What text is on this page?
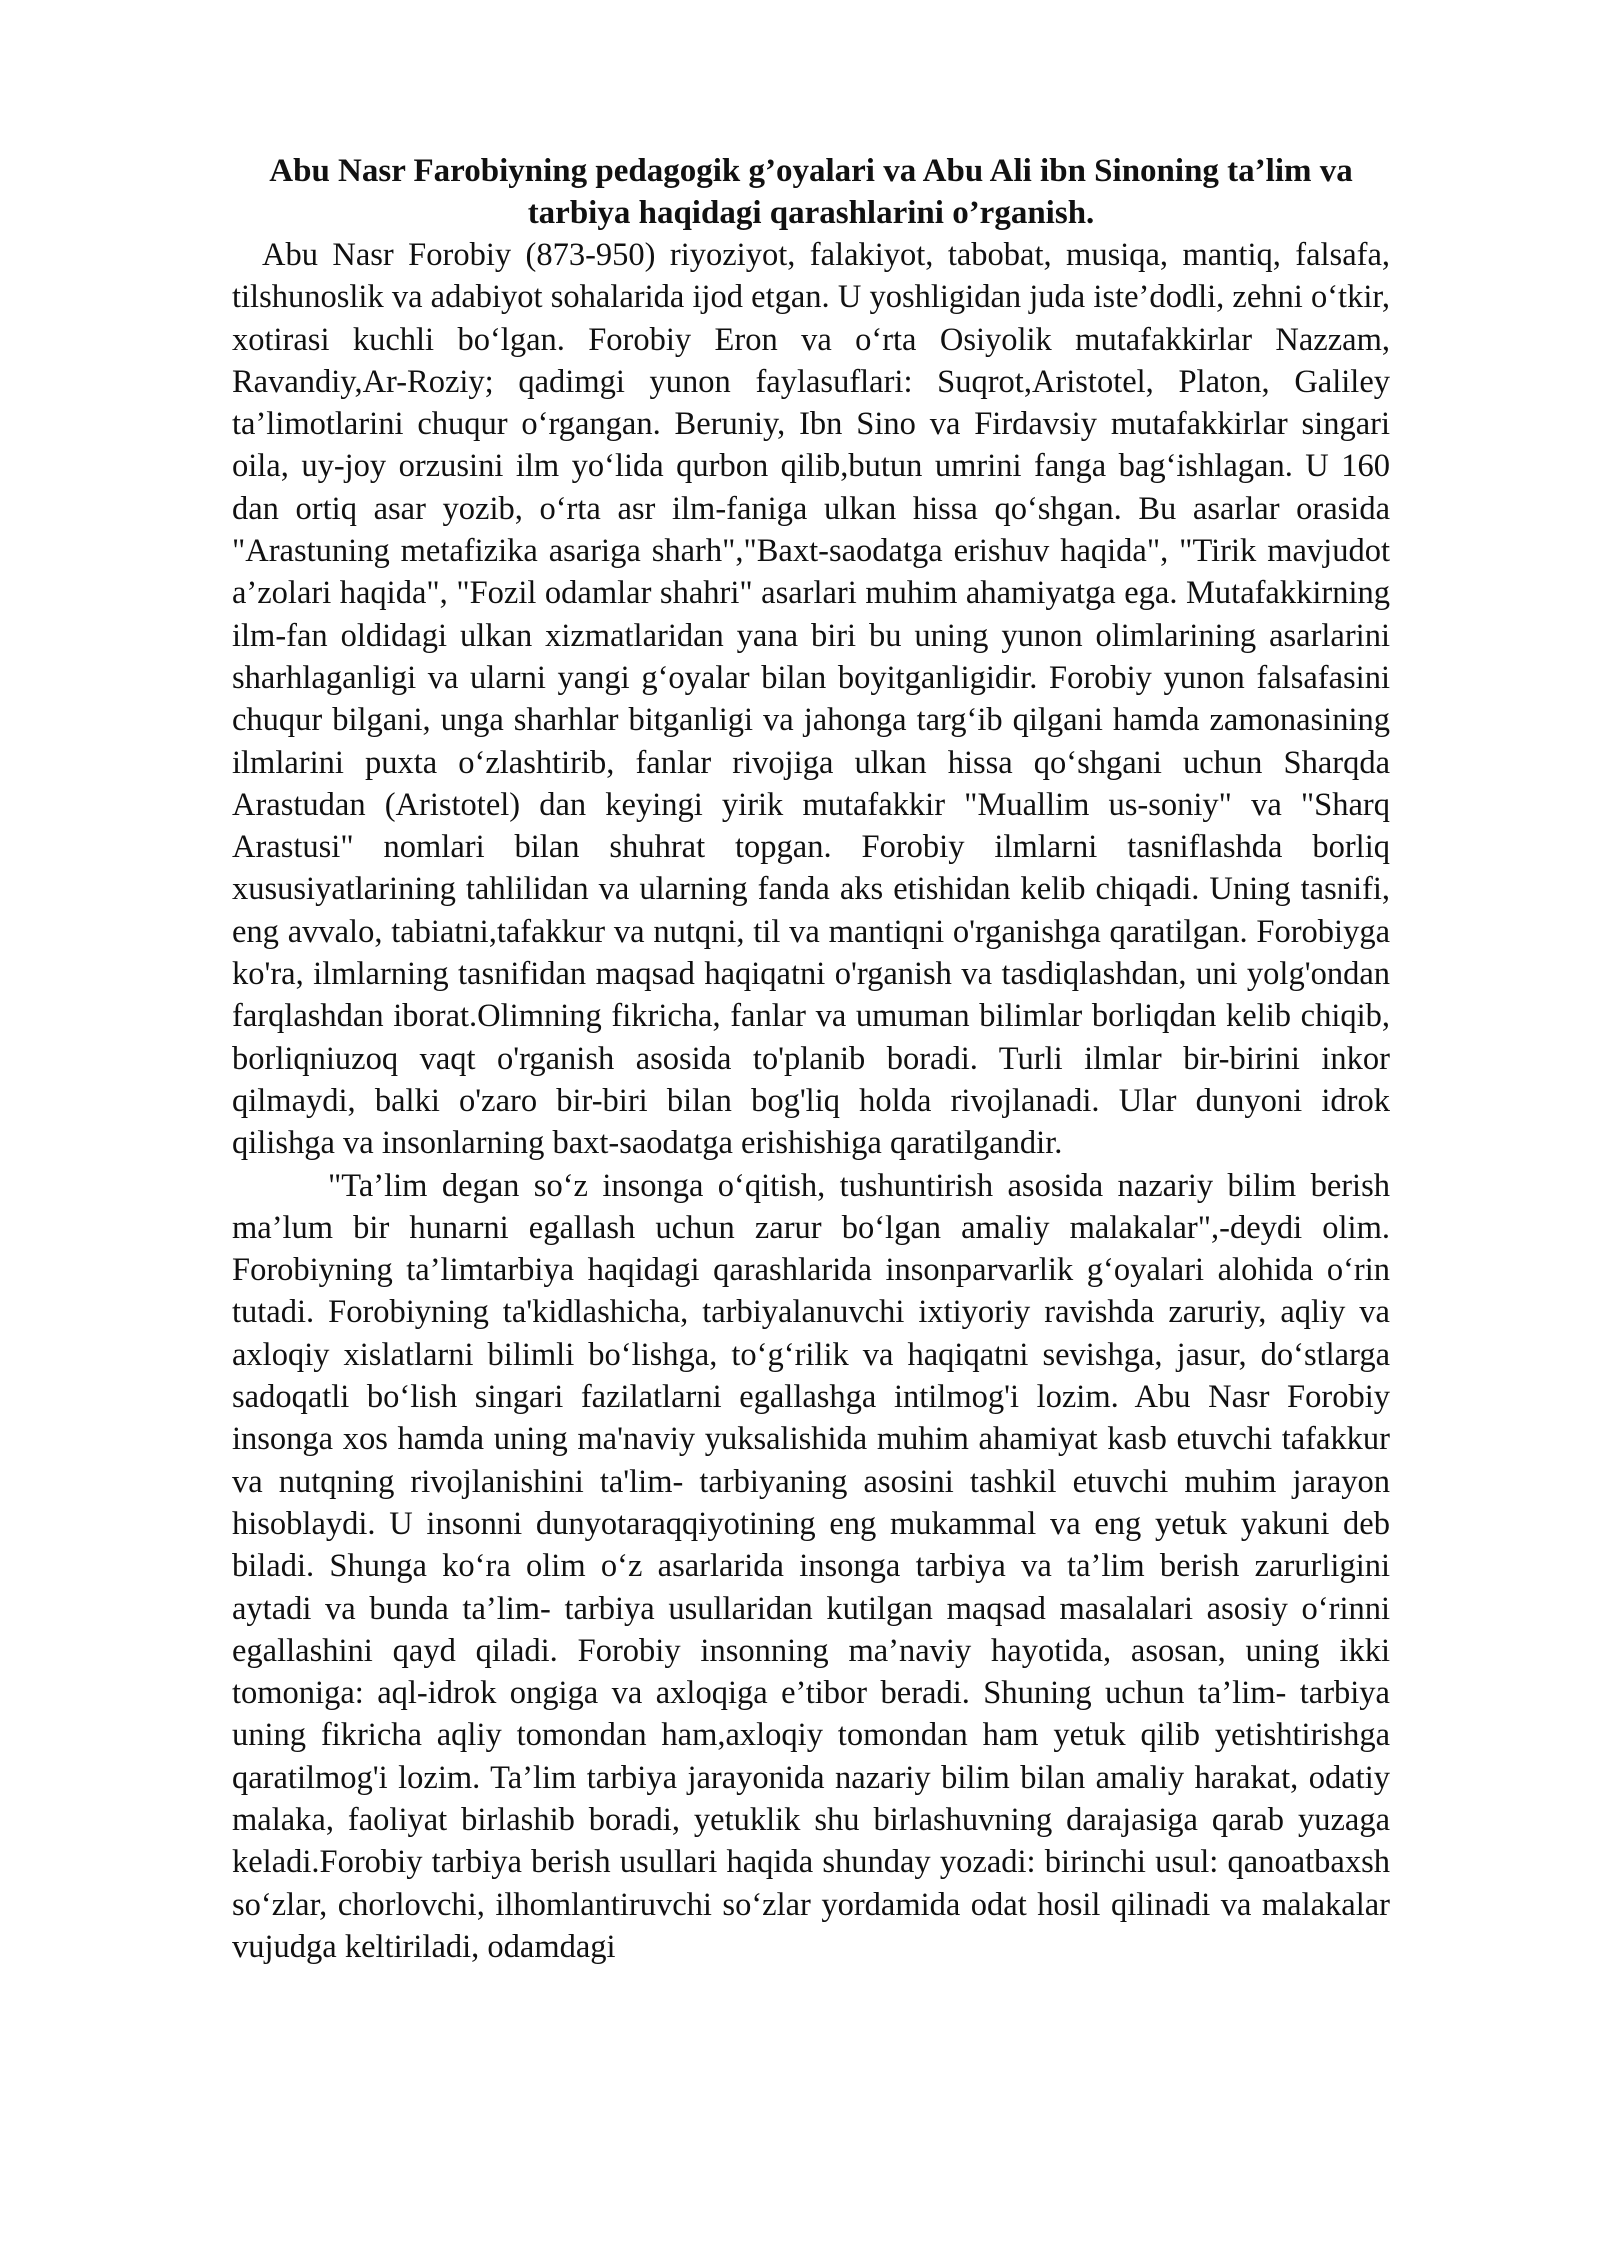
Abu Nasr Farobiyning pedagogik g’oyalari va Abu Ali ibn Sinoning ta’lim va tarbiya haqidagi qarashlarini o’rganish.

Abu Nasr Forobiy (873-950) riyoziyot, falakiyot, tabobat, musiqa, mantiq, falsafa, tilshunoslik va adabiyot sohalarida ijod etgan. U yoshligidan juda iste’dodli, zehni o‘tkir, xotirasi kuchli bo‘lgan. Forobiy Eron va o‘rta Osiyolik mutafakkirlar Nazzam, Ravandiy,Ar-Roziy; qadimgi yunon faylasuflari: Suqrot,Aristotel, Platon, Galiley ta’limotlarini chuqur o‘rgangan. Beruniy, Ibn Sino va Firdavsiy mutafakkirlar singari oila, uy-joy orzusini ilm yo‘lida qurbon qilib,butun umrini fanga bag‘ishlagan. U 160 dan ortiq asar yozib, o‘rta asr ilm-faniga ulkan hissa qo‘shgan. Bu asarlar orasida "Arastuning metafizika asariga sharh","Baxt-saodatga erishuv haqida", "Tirik mavjudot a’zolari haqida", "Fozil odamlar shahri" asarlari muhim ahamiyatga ega. Mutafakkirning ilm-fan oldidagi ulkan xizmatlaridan yana biri bu uning yunon olimlarining asarlarini sharhlaganligi va ularni yangi g‘oyalar bilan boyitganligidir. Forobiy yunon falsafasini chuqur bilgani, unga sharhlar bitganligi va jahonga targ‘ib qilgani hamda zamonasining ilmlarini puxta o‘zlashtirib, fanlar rivojiga ulkan hissa qo‘shgani uchun Sharqda Arastudan (Aristotel) dan keyingi yirik mutafakkir "Muallim us-soniy" va "Sharq Arastusi" nomlari bilan shuhrat topgan. Forobiy ilmlarni tasniflashda borliq xususiyatlarining tahlilidan va ularning fanda aks etishidan kelib chiqadi. Uning tasnifi, eng avvalo, tabiatni,tafakkur va nutqni, til va mantiqni o'rganishga qaratilgan. Forobiyga ko'ra, ilmlarning tasnifidan maqsad haqiqatni o'rganish va tasdiqlashdan, uni yolg'ondan farqlashdan iborat.Olimning fikricha, fanlar va umuman bilimlar borliqdan kelib chiqib, borliqniuzoq vaqt o'rganish asosida to'planib boradi. Turli ilmlar bir-birini inkor qilmaydi, balki o'zaro bir-biri bilan bog'liq holda rivojlanadi. Ular dunyoni idrok qilishga va insonlarning baxt-saodatga erishishiga qaratilgandir.

"Ta’lim degan so‘z insonga o‘qitish, tushuntirish asosida nazariy bilim berish ma’lum bir hunarni egallash uchun zarur bo‘lgan amaliy malakalar",-deydi olim. Forobiyning ta’limtarbiya haqidagi qarashlarida insonparvarlik g‘oyalari alohida o‘rin tutadi. Forobiyning ta'kidlashicha, tarbiyalanuvchi ixtiyoriy ravishda zaruriy, aqliy va axloqiy xislatlarni bilimli bo‘lishga, to‘g‘rilik va haqiqatni sevishga, jasur, do‘stlarga sadoqatli bo‘lish singari fazilatlarni egallashga intilmog'i lozim. Abu Nasr Forobiy insonga xos hamda uning ma'naviy yuksalishida muhim ahamiyat kasb etuvchi tafakkur va nutqning rivojlanishini ta'lim- tarbiyaning asosini tashkil etuvchi muhim jarayon hisoblaydi. U insonni dunyotaraqqiyotining eng mukammal va eng yetuk yakuni deb biladi. Shunga ko‘ra olim o‘z asarlarida insonga tarbiya va ta’lim berish zarurligini aytadi va bunda ta’lim- tarbiya usullaridan kutilgan maqsad masalalari asosiy o‘rinni egallashini qayd qiladi. Forobiy insonning ma’naviy hayotida, asosan, uning ikki tomoniga: aql-idrok ongiga va axloqiga e’tibor beradi. Shuning uchun ta’lim- tarbiya uning fikricha aqliy tomondan ham,axloqiy tomondan ham yetuk qilib yetishtirishga qaratilmog'i lozim. Ta’lim tarbiya jarayonida nazariy bilim bilan amaliy harakat, odatiy malaka, faoliyat birlashib boradi, yetuklik shu birlashuvning darajasiga qarab yuzaga keladi.Forobiy tarbiya berish usullari haqida shunday yozadi: birinchi usul: qanoatbaxsh so‘zlar, chorlovchi, ilhomlantiruvchi so‘zlar yordamida odat hosil qilinadi va malakalar vujudga keltiriladi, odamdagi
